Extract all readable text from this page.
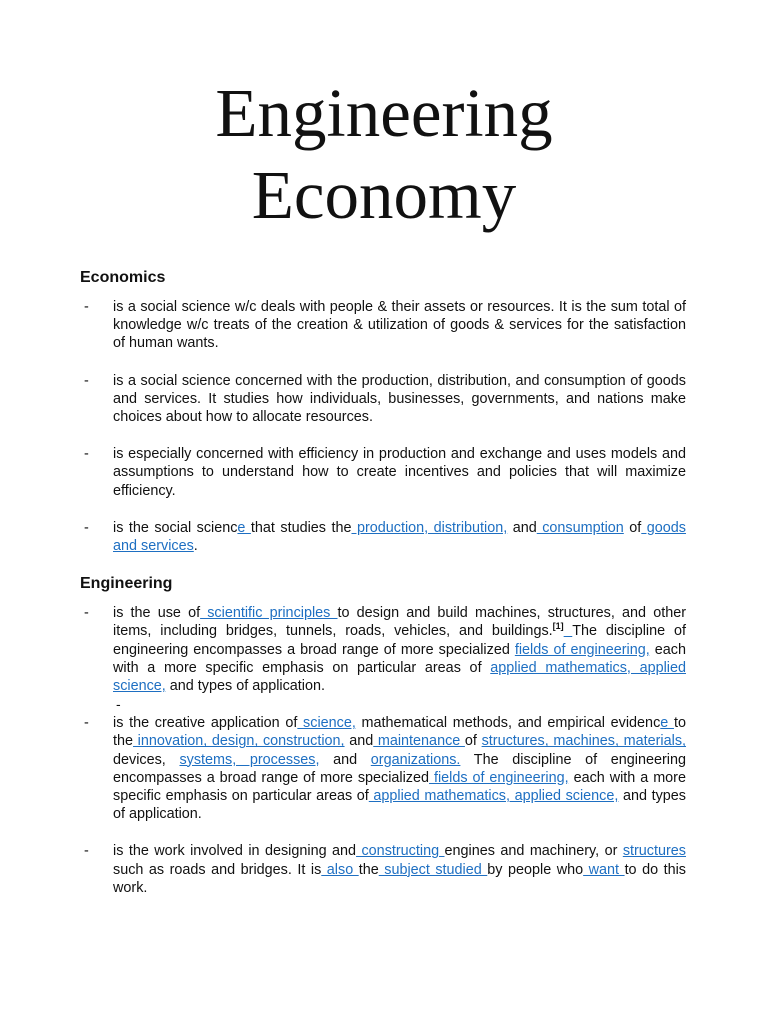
Engineering
Economy
Economics
- is a social science w/c deals with people & their assets or resources. It is the sum total of knowledge w/c treats of the creation & utilization of goods & services for the satisfaction of human wants.
- is a social science concerned with the production, distribution, and consumption of goods and services. It studies how individuals, businesses, governments, and nations make choices about how to allocate resources.
- is especially concerned with efficiency in production and exchange and uses models and assumptions to understand how to create incentives and policies that will maximize efficiency.
- is the social science that studies the production, distribution, and consumption of goods and services.
Engineering
- is the use of scientific principles to design and build machines, structures, and other items, including bridges, tunnels, roads, vehicles, and buildings.[1] The discipline of engineering encompasses a broad range of more specialized fields of engineering, each with a more specific emphasis on particular areas of applied mathematics, applied science, and types of application.
-
- is the creative application of science, mathematical methods, and empirical evidence to the innovation, design, construction, and maintenance of structures, machines, materials, devices, systems, processes, and organizations. The discipline of engineering encompasses a broad range of more specialized fields of engineering, each with a more specific emphasis on particular areas of applied mathematics, applied science, and types of application.
- is the work involved in designing and constructing engines and machinery, or structures such as roads and bridges. It is also the subject studied by people who want to do this work.
